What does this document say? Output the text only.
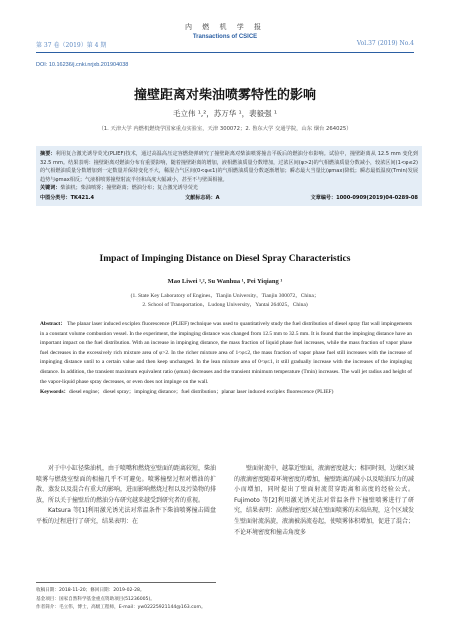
第 37 卷（2019）第 4 期
内 燃 机 学 报
Transactions of CSICE
Vol.37 (2019) No.4
DOI: 10.16236/j.cnki.nrjxb.201904038
撞壁距离对柴油喷雾特性的影响
毛立伟 ¹,²，苏万华 ¹，裴毅强 ¹
（1. 天津大学 内燃机燃烧学国家重点实验室，天津 300072；2. 鲁东大学 交通学院，山东 烟台 264025）

摘要：利用复合激光诱导荧光(PLIEF)技术，通过高温高压定容燃烧弹研究了撞壁距离对柴油喷雾撞击平板后的燃油分布影响。试验中，撞壁距离从 12.5 mm 变化到 32.5 mm。结果表明：撞壁距离对燃油分布有重要影响，随着撞壁距离的增加，液相燃油质量分数增加，过浓区间(φ>2)的气相燃油质量分数减小，较浓区间(1<φ≤2)的气相燃油质量分数增加到一定数量并保持变化不大，稀混合气区间(0<φ≤1)的气相燃油质量分数逐渐增加；瞬态最大当量比(φmax)降低；瞬态最低温度(Tmin)发展趋势与φmax相反；气液相喷雾撞壁射流半径和高度大幅减小，甚至不与壁面相撞。

关键词：柴油机；柴油喷雾；撞壁距离；燃油分布；复合激光诱导荧光

中图分类号：TK421.4	文献标志码：A	文章编号：1000-0909(2019)04-0289-08
Impact of Impinging Distance on Diesel Spray Characteristics
Mao Liwei ¹,², Su Wanhua ¹, Pei Yiqiang ¹
(1. State Key Laboratory of Engines，Tianjin University，Tianjin 300072，China；
2. School of Transportation，Ludong University，Yantai 264025，China)

Abstract： The planar laser induced exciplex fluorescence (PLIEF) technique was used to quantitatively study the fuel distribution of diesel spray flat wall impingements in a constant volume combustion vessel. In the experiment, the impinging distance was changed from 12.5 mm to 32.5 mm. It is found that the impinging distance have an important impact on the fuel distribution. With an increase in impinging distance, the mass fraction of liquid phase fuel increases, while the mass fraction of vapor phase fuel decreases in the excessively rich mixture area of φ>2. In the richer mixture area of 1<φ≤2, the mass fraction of vapor phase fuel still increases with the increase of impinging distance until to a certain value and then keep unchanged. In the lean mixture area of 0<φ≤1, it still gradually increase with the increases of the impinging distance. In addition, the transient maximum equivalent ratio (φmax) decreases and the transient minimum temperature (Tmin) increases. The wall jet radius and height of the vapor-liquid phase spray decreases, or even does not impinge on the wall.

Keywords：diesel engine；diesel spray；impinging distance；fuel distribution；planar laser induced exciplex fluorescence (PLIEF)

对于中小缸径柴油机，由于喷嘴和燃烧室壁面的距离较短，柴油喷雾与燃烧室壁面的相撞几乎不可避免。喷雾撞壁过程对燃油的扩散、蒸发以及混合有重大的影响，进而影响燃烧过程以及污染物的排放，所以关于撞壁后的燃油分布研究越来越受到研究者的重视。

Katsura 等[1]利用激光诱光法对常温条件下柴油喷雾撞击圆盘平板的过程进行了研究，结果表明：在

壁面射流中，越靠近壁面，液滴密度越大；相同时刻，边缘区域的液滴密度随着环境密度的增加，撞壁距离的减小以及喷油压力的减小而增加，同时提出了壁面射流贯穿距离和高度的经验公式。Fujimoto 等[2]利用激光诱光法对常温条件下撞壁喷雾进行了研究，结果表明：高燃油密度区域在壁面喷雾的末端出现，这个区域发生壁面射流涡旋，液滴被涡流卷起，使喷雾体积增加，促进了混合；不论环境密度和撞击角度多

收稿日期：2018-11-20；修回日期：2019-02-28。
基金项目：国家自然科学基金重点资助项目(51236005)。
作者简介：毛立伟，博士，高级工程师，E-mail：yw02225921144@163.com。
